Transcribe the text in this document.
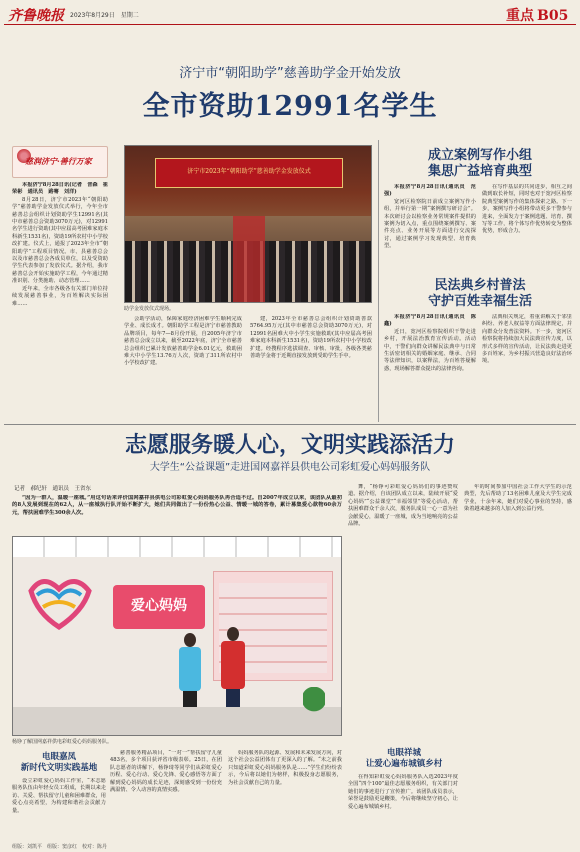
齐鲁晚报	2023年8月29日　星期二	重点 B05
济宁市“朝阳助学”慈善助学金开始发放
全市资助12991名学生
慈润济宁·善行万家

本报济宁8月28日讯(记者　晋森　崔荣彬　通讯员　路骞　刘洋)

8月28日，济宁市2023年“朝阳助学”慈善助学金发放仪式举行，今年全市慈善总会组织计划资助学生12991名(其中市慈善总会资助3070万元)，对12991名学生进行资助(其中应届高考困难家庭本科新生1531名)，资助19所农村中小学校改扩建。仪式上，通报了2023年全市“朝阳助学”工程项目情况。市、县慈善总会以及市慈善总会各成员单位，以及受资助学生代表参加了发放仪式。据介绍，我市慈善总会开始实施助学工程，今年通过精准识别、分类施助、动态管理……

近年来，全市各级各有关部门单位持续发展慈善事业，为百姓解决实际困难……

济宁市2023年“朝阳助学”慈善助学金发放仪式
助学金发放仪式现场。

会助学活动，保障家庭经济困难学生顺利完成学业、成长成才。朝阳助学工程是济宁市慈善教助品牌项目，每年7—8月份开展，自2005年济宁市慈善总会成立以来，截至2022年底，济宁全市慈善总会组织已累计发放慈善助学金6.01亿元，救助困难大中小学生13.76万人次，资助了311所农村中小学校改扩建。

建，2023年全市慈善总会组织计划资助善款5764.95万元(其中市慈善总会资助3070万元)，对12991名困难大中小学生实施救助(其中应届高考困难家庭本科新生1531名)，资助19所农村中小学校改扩建。经搜程序选拔调查、审核、审批，各级各类慈善助学金将于近期直接发放到受助学生手中。

成立案例写作小组
集思广益培育典型

本报济宁8月28日讯(通讯员　范强)

宽河区检察院日前成立案例写作小组，并举行第一期“案例撰写研讨会”。本次研讨会以检察业务常规案件提供的案例为切入点，重点围绕案例撰写、案件亮点、业务开展等方面进行交流探讨，通过案例学习发现典型、培育典型。

在写作基层的共同进步，相互之间做到取长补短，同时也对于宽河区检察院典型案例写作的集体探索之路。下一步，案例写作小组将带动更多干警参与进来，全面发力于案例选题、培育、撰写等工作，将个体写作优势转变为整体优势，形成合力。

民法典乡村普法
守护百姓幸福生活

本报济宁8月28日讯(通讯员　陈鑫)

近日，宽河区检察院组织干警走进乡村，开展法治教育宣传活动。活动中，干警们向群众讲解民法典中与日常生活密切相关的婚姻家庭、继承、合同等法律知识，以案释法，为百姓答疑解惑，现场解答群众提出的法律咨询。

法典相关规定，着重讲解关于邻里纠纷、养老人权益等方面法律规定，并向群众分发普法资料。下一步，宽河区检察院将持续加大民法典宣传力度，以形式多样的宣传活动，让民法典走进更多百姓家，为乡村振兴营造良好法治环境。

志愿服务暖人心，文明实践添活力
大学生“公益课题”走进国网嘉祥县供电公司彩虹爱心妈妈服务队
记者　郝纪轩　通讯员　王省东

“因为一群人，温暖一座城。”用这句话来评价国网嘉祥县供电公司彩虹爱心妈妈服务队再合适不过。自2007年成立以来，该团队从最初的8人发展到现在的62人，从一座城执行队开始不断扩大，她们共同做出了一份份热心公益、情暖一城的答卷，累计募集爱心款物60余万元，帮扶困难学生300余人次。

爱心妈妈
杨铮了解国网嘉祥供电彩虹爱心妈妈服务队。

慈善服务精品项目，“一对一”帮扶留守儿童483名，多个项目获评省市级表彰。25日，在团队志愿者的讲解下，杨铮琦等同学们从彩虹爱心历程、爱心行动、爱心先锋、爱心感悟等方面了解到爱心妈妈的成长足迹，深刻感受到一份份充满温情、令人动容的真情实感。

妈妈服务队的起源、发展和未来发展方向，对这个社会公益团体有了更深入的了解。“未之前我只知道彩虹爱心妈妈服务队是……”学生们纷纷表示，今后将以她们为榜样，积极投身志愿服务，为社会贡献自己的力量。

电眼嘉凤
新时代文明实践基地

设立彩虹爱心妈妈工作室，“本志愿服务队伍由年轻女员工组成，长期以来走访、关爱、帮扶留守儿童和困难群众，用爱心点亮希望，为构建和谐社会贡献力量。

舞，“杨铮可彩虹爱心妈妈们的事迹赞叹道。据介绍，自该团队成立以来，陆续开展“爱心妈妈”“公益课堂”“幸福邻里”等爱心活动，帮扶困难群众千余人次，服务队成员一心一意为社会献爱心，温暖了一座城，成为当地响亮的公益品牌。

年的时间参加中国社会工作大学生的示范典型，先后帮助了13名困难儿童及大学生完成学业，十余年来，她们对爱心事业的坚持，感染着越来越多的人加入到公益行列。

电眼祥城
让爱心遍布城镇乡村

在得知彩虹爱心妈妈服务队入选2023年度全国“四个100”最佳志愿服务组织，有关部门对她们的事迹进行了宣传推广。该团队成员表示，荣誉是鼓励更是鞭策，今后将继续坚守初心，让爱心遍布城镇乡村。

组版：刘凯平　组版：窦彦红　校对：陈丹
